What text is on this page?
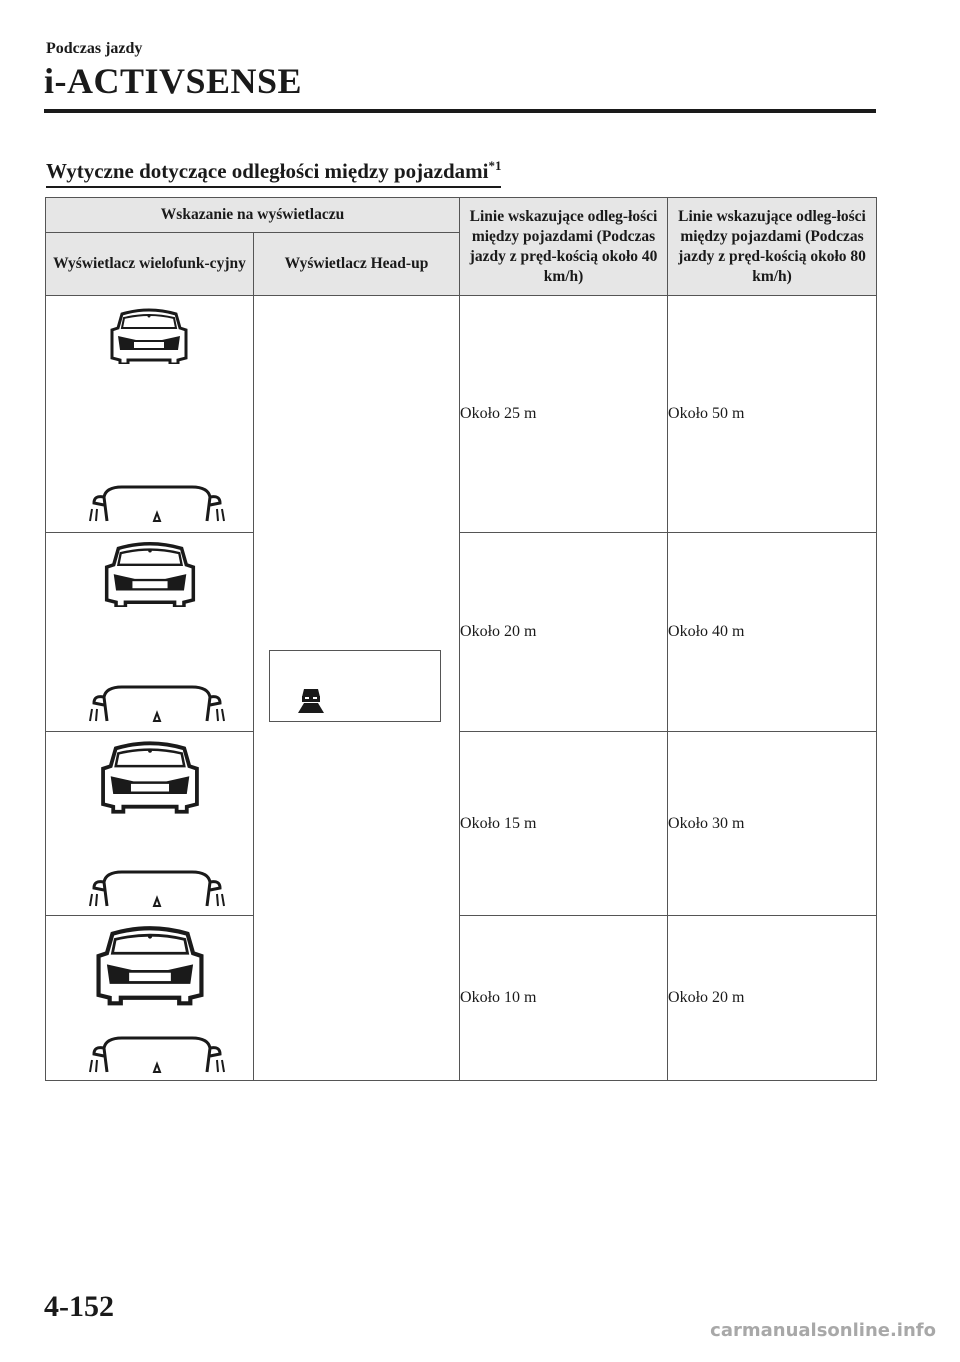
Podczas jazdy
i-ACTIVSENSE
Wytyczne dotyczące odległości między pojazdami$^{*1}$
Wskazanie na wyświetlaczu		Linie wskazujące odleg-łości między pojazdami (Podczas jazdy z pręd-kością około 40 km/h)	Linie wskazujące odleg-łości między pojazdami (Podczas jazdy z pręd-kością około 80 km/h)
Wyświetlacz wielofunk-cyjny	Wyświetlacz Head-up		

	Około 25 m	Około 50 m

	Około 20 m	Około 40 m

	Około 15 m	Około 30 m

	Około 10 m	Około 20 m
4-152
carmanualsonline.info
